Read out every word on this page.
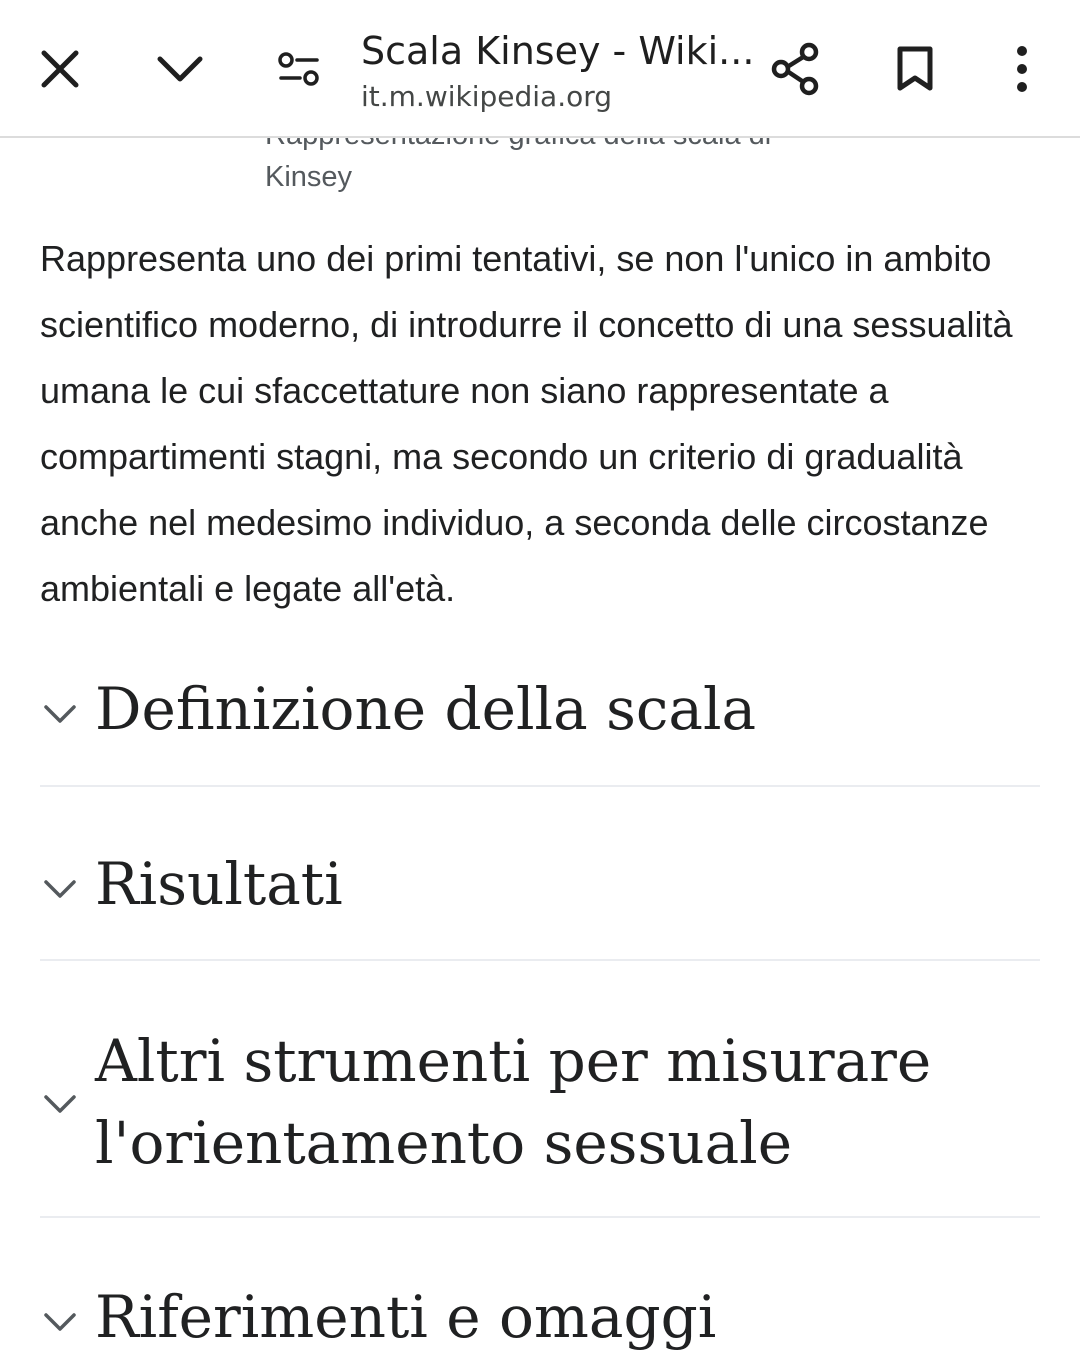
Scala Kinsey - Wiki...
it.m.wikipedia.org
Kinsey
Rappresenta uno dei primi tentativi, se non l'unico in ambito scientifico moderno, di introdurre il concetto di una sessualità umana le cui sfaccettature non siano rappresentate a compartimenti stagni, ma secondo un criterio di gradualità anche nel medesimo individuo, a seconda delle circostanze ambientali e legate all'età.
Definizione della scala
Risultati
Altri strumenti per misurare
l'orientamento sessuale
Riferimenti e omaggi
